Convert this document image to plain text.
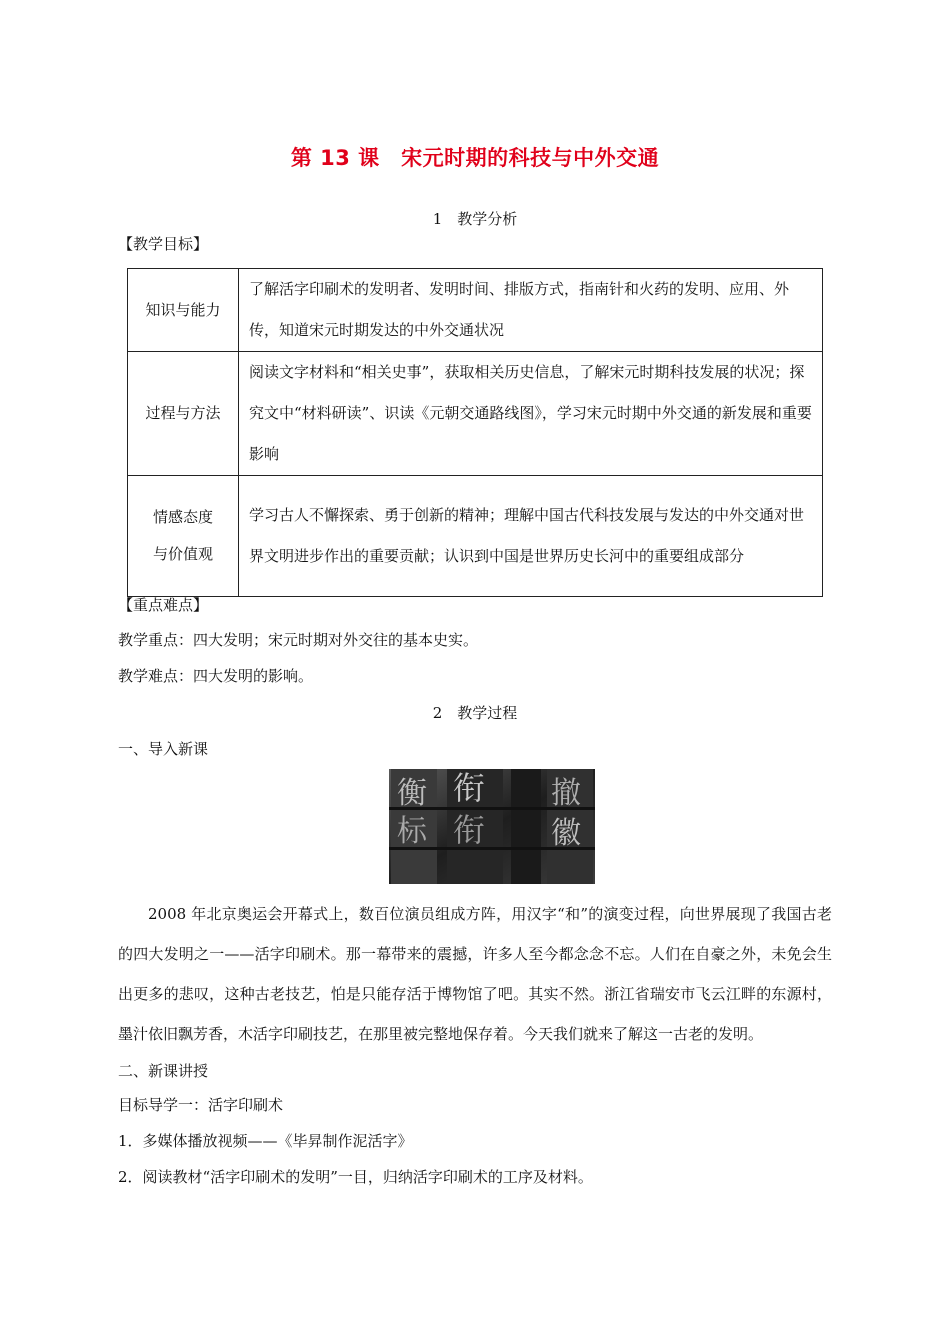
第 13 课　宋元时期的科技与中外交通
1　教学分析
【教学目标】
知识与能力	了解活字印刷术的发明者、发明时间、排版方式，指南针和火药的发明、应用、外传，知道宋元时期发达的中外交通状况
过程与方法	阅读文字材料和“相关史事”，获取相关历史信息，了解宋元时期科技发展的状况；探究文中“材料研读”、识读《元朝交通路线图》，学习宋元时期中外交通的新发展和重要影响

情感态度
与价值观	学习古人不懈探索、勇于创新的精神；理解中国古代科技发展与发达的中外交通对世界文明进步作出的重要贡献；认识到中国是世界历史长河中的重要组成部分
【重点难点】
教学重点：四大发明；宋元时期对外交往的基本史实。
教学难点：四大发明的影响。
2　教学过程
一、导入新课
衡
标
衔
衔
撤
徽
2008 年北京奥运会开幕式上，数百位演员组成方阵，用汉字“和”的演变过程，向世界展现了我国古老的四大发明之一——活字印刷术。那一幕带来的震撼，许多人至今都念念不忘。人们在自豪之外，未免会生出更多的悲叹，这种古老技艺，怕是只能存活于博物馆了吧。其实不然。浙江省瑞安市飞云江畔的东源村，墨汁依旧飘芳香，木活字印刷技艺，在那里被完整地保存着。今天我们就来了解这一古老的发明。
二、新课讲授
目标导学一：活字印刷术
1．多媒体播放视频——《毕昇制作泥活字》
2．阅读教材“活字印刷术的发明”一目，归纳活字印刷术的工序及材料。
